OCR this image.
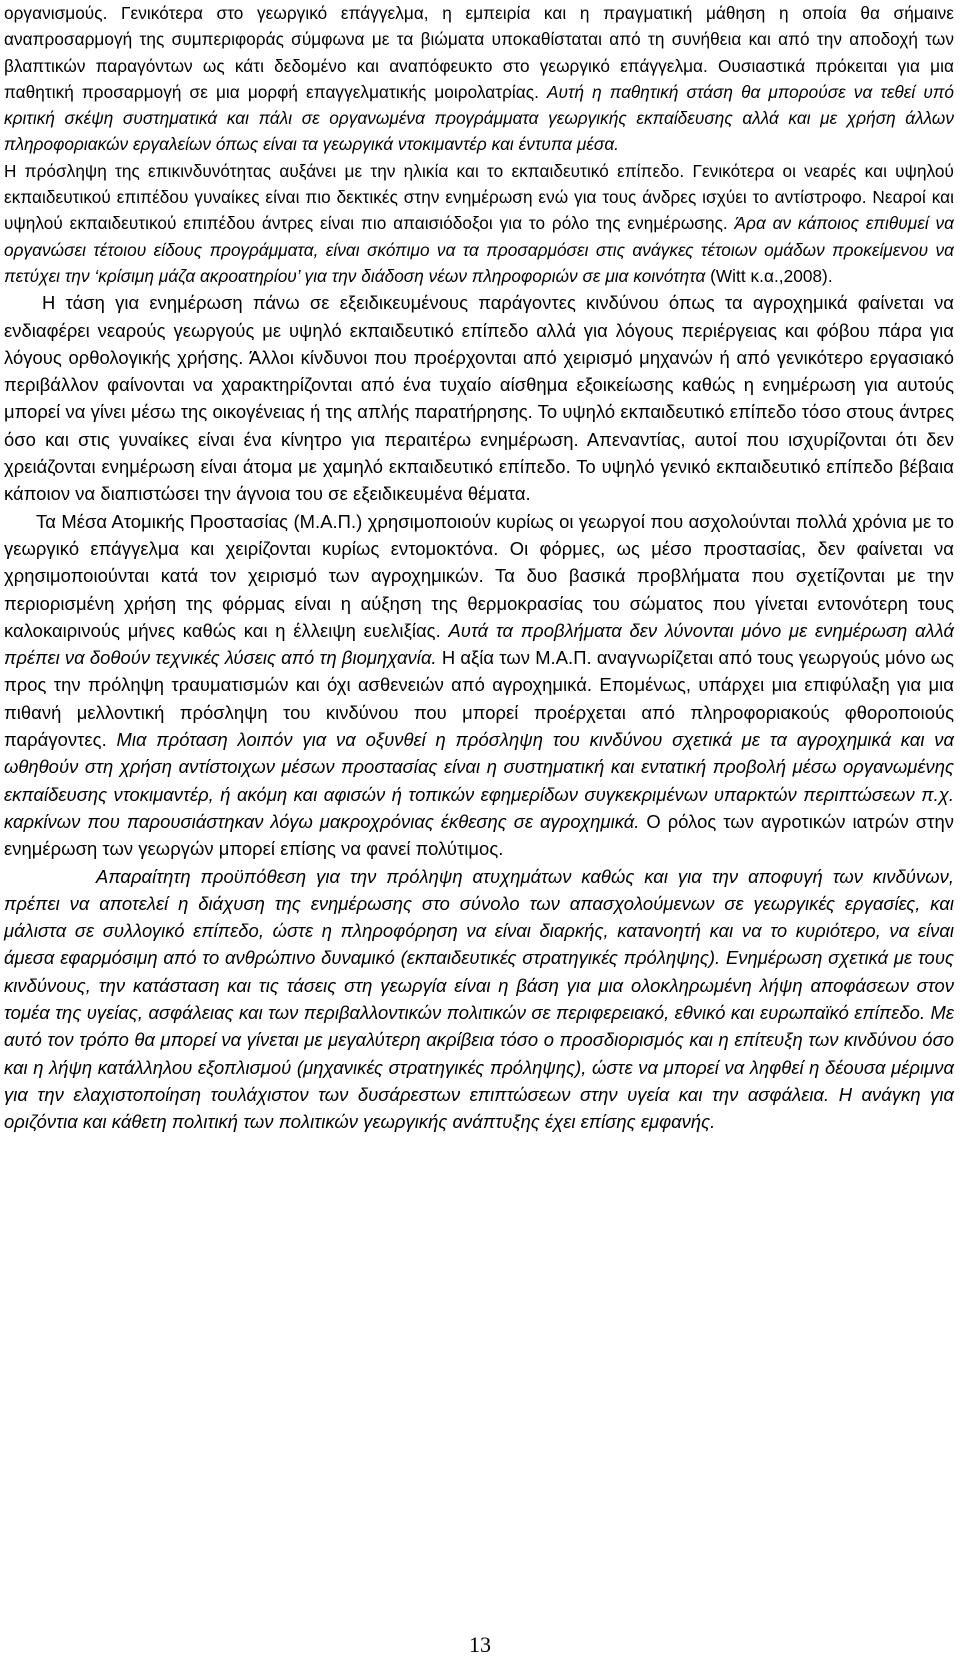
οργανισμούς. Γενικότερα στο γεωργικό επάγγελμα, η εμπειρία και η πραγματική μάθηση η οποία θα σήμαινε αναπροσαρμογή της συμπεριφοράς σύμφωνα με τα βιώματα υποκαθίσταται από τη συνήθεια και από την αποδοχή των βλαπτικών παραγόντων ως κάτι δεδομένο και αναπόφευκτο στο γεωργικό επάγγελμα. Ουσιαστικά πρόκειται για μια παθητική προσαρμογή σε μια μορφή επαγγελματικής μοιρολατρίας. Αυτή η παθητική στάση θα μπορούσε να τεθεί υπό κριτική σκέψη συστηματικά και πάλι σε οργανωμένα προγράμματα γεωργικής εκπαίδευσης αλλά και με χρήση άλλων πληροφοριακών εργαλείων όπως είναι τα γεωργικά ντοκιμαντέρ και έντυπα μέσα.

Η πρόσληψη της επικινδυνότητας αυξάνει με την ηλικία και το εκπαιδευτικό επίπεδο. Γενικότερα οι νεαρές και υψηλού εκπαιδευτικού επιπέδου γυναίκες είναι πιο δεκτικές στην ενημέρωση ενώ για τους άνδρες ισχύει το αντίστροφο. Νεαροί και υψηλού εκπαιδευτικού επιπέδου άντρες είναι πιο απαισιόδοξοι για το ρόλο της ενημέρωσης. Άρα αν κάποιος επιθυμεί να οργανώσει τέτοιου είδους προγράμματα, είναι σκόπιμο να τα προσαρμόσει στις ανάγκες τέτοιων ομάδων προκείμενου να πετύχει την ‘κρίσιμη μάζα ακροατηρίου’ για την διάδοση νέων πληροφοριών σε μια κοινότητα (Witt κ.α.,2008).

Η τάση για ενημέρωση πάνω σε εξειδικευμένους παράγοντες κινδύνου όπως τα αγροχημικά φαίνεται να ενδιαφέρει νεαρούς γεωργούς με υψηλό εκπαιδευτικό επίπεδο αλλά για λόγους περιέργειας και φόβου πάρα για λόγους ορθολογικής χρήσης. Άλλοι κίνδυνοι που προέρχονται από χειρισμό μηχανών ή από γενικότερο εργασιακό περιβάλλον φαίνονται να χαρακτηρίζονται από ένα τυχαίο αίσθημα εξοικείωσης καθώς η ενημέρωση για αυτούς μπορεί να γίνει μέσω της οικογένειας ή της απλής παρατήρησης. Το υψηλό εκπαιδευτικό επίπεδο τόσο στους άντρες όσο και στις γυναίκες είναι ένα κίνητρο για περαιτέρω ενημέρωση. Απεναντίας, αυτοί που ισχυρίζονται ότι δεν χρειάζονται ενημέρωση είναι άτομα με χαμηλό εκπαιδευτικό επίπεδο. Το υψηλό γενικό εκπαιδευτικό επίπεδο βέβαια κάποιον να διαπιστώσει την άγνοια του σε εξειδικευμένα θέματα.

Τα Μέσα Ατομικής Προστασίας (Μ.Α.Π.) χρησιμοποιούν κυρίως οι γεωργοί που ασχολούνται πολλά χρόνια με το γεωργικό επάγγελμα και χειρίζονται κυρίως εντομοκτόνα. Οι φόρμες, ως μέσο προστασίας, δεν φαίνεται να χρησιμοποιούνται κατά τον χειρισμό των αγροχημικών. Τα δυο βασικά προβλήματα που σχετίζονται με την περιορισμένη χρήση της φόρμας είναι η αύξηση της θερμοκρασίας του σώματος που γίνεται εντονότερη τους καλοκαιρινούς μήνες καθώς και η έλλειψη ευελιξίας. Αυτά τα προβλήματα δεν λύνονται μόνο με ενημέρωση αλλά πρέπει να δοθούν τεχνικές λύσεις από τη βιομηχανία. Η αξία των Μ.Α.Π. αναγνωρίζεται από τους γεωργούς μόνο ως προς την πρόληψη τραυματισμών και όχι ασθενειών από αγροχημικά. Επομένως, υπάρχει μια επιφύλαξη για μια πιθανή μελλοντική πρόσληψη του κινδύνου που μπορεί προέρχεται από πληροφοριακούς φθοροποιούς παράγοντες. Μια πρόταση λοιπόν για να οξυνθεί η πρόσληψη του κινδύνου σχετικά με τα αγροχημικά και να ωθηθούν στη χρήση αντίστοιχων μέσων προστασίας είναι η συστηματική και εντατική προβολή μέσω οργανωμένης εκπαίδευσης ντοκιμαντέρ, ή ακόμη και αφισών ή τοπικών εφημερίδων συγκεκριμένων υπαρκτών περιπτώσεων π.χ. καρκίνων που παρουσιάστηκαν λόγω μακροχρόνιας έκθεσης σε αγροχημικά. Ο ρόλος των αγροτικών ιατρών στην ενημέρωση των γεωργών μπορεί επίσης να φανεί πολύτιμος.

Απαραίτητη προϋπόθεση για την πρόληψη ατυχημάτων καθώς και για την αποφυγή των κινδύνων, πρέπει να αποτελεί η διάχυση της ενημέρωσης στο σύνολο των απασχολούμενων σε γεωργικές εργασίες, και μάλιστα σε συλλογικό επίπεδο, ώστε η πληροφόρηση να είναι διαρκής, κατανοητή και να το κυριότερο, να είναι άμεσα εφαρμόσιμη από το ανθρώπινο δυναμικό (εκπαιδευτικές στρατηγικές πρόληψης). Ενημέρωση σχετικά με τους κινδύνους, την κατάσταση και τις τάσεις στη γεωργία είναι η βάση για μια ολοκληρωμένη λήψη αποφάσεων στον τομέα της υγείας, ασφάλειας και των περιβαλλοντικών πολιτικών σε περιφερειακό, εθνικό και ευρωπαϊκό επίπεδο. Με αυτό τον τρόπο θα μπορεί να γίνεται με μεγαλύτερη ακρίβεια τόσο ο προσδιορισμός και η επίτευξη των κινδύνου όσο και η λήψη κατάλληλου εξοπλισμού (μηχανικές στρατηγικές πρόληψης), ώστε να μπορεί να ληφθεί η δέουσα μέριμνα για την ελαχιστοποίηση τουλάχιστον των δυσάρεστων επιπτώσεων στην υγεία και την ασφάλεια. Η ανάγκη για οριζόντια και κάθετη πολιτική των πολιτικών γεωργικής ανάπτυξης έχει επίσης εμφανής.

13
